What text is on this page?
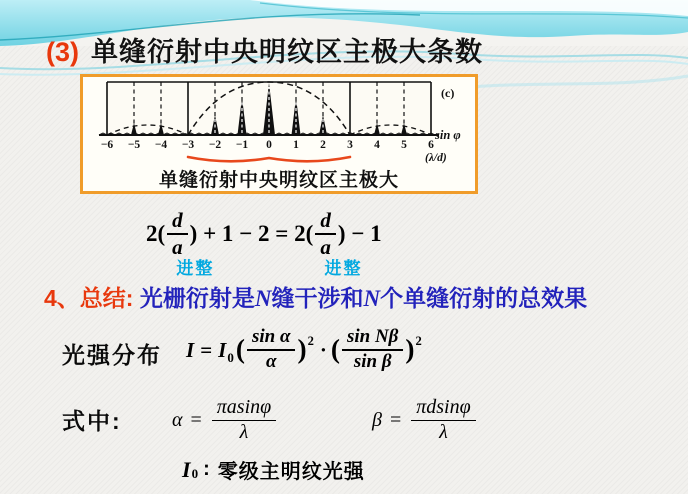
(3) 单缝衍射中央明纹区主极大条数
−6 −5 −4 −3 −2 −1 0 1 2 3 4 5 6
(c)
sin φ
(λ/d)
单缝衍射中央明纹区主极大
2(
d
a
进整
) + 1 − 2 = 2(
d
a
进整
) − 1
4、总结: 光栅衍射是N缝干涉和N个单缝衍射的总效果
光强分布 I = I 0 ( $\frac{\text{sin α}}{\alpha}$ ) 2 · ( $\frac{\text{sin Nβ}}{\text{sin β}}$ ) 2
式中:	$\alpha = \frac{\pi asin\varphi}{\lambda}$	$\beta = \frac{\pi dsin\varphi}{\lambda}$
I 0 : 零级主明纹光强
